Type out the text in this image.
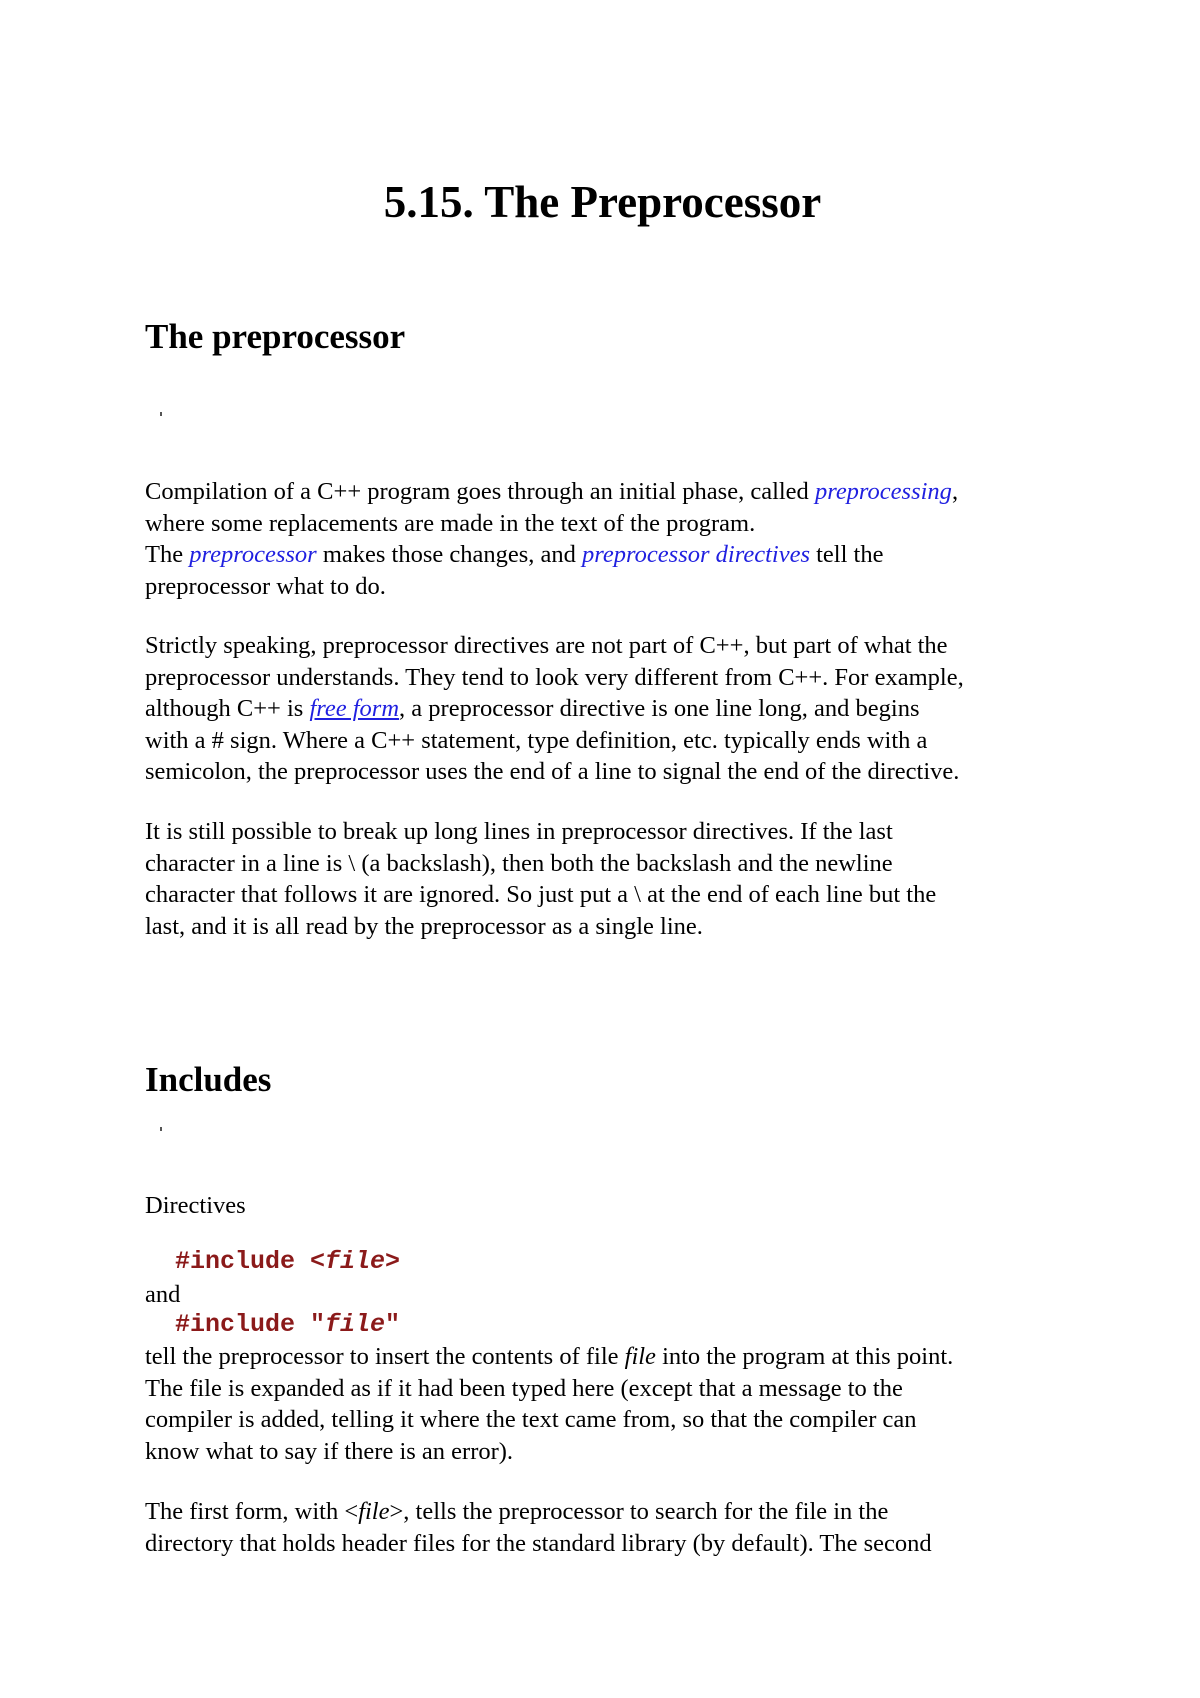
5.15. The Preprocessor
The preprocessor
Compilation of a C++ program goes through an initial phase, called preprocessing,
where some replacements are made in the text of the program.
The preprocessor makes those changes, and preprocessor directives tell the
preprocessor what to do.
Strictly speaking, preprocessor directives are not part of C++, but part of what the
preprocessor understands. They tend to look very different from C++. For example,
although C++ is free form, a preprocessor directive is one line long, and begins
with a # sign. Where a C++ statement, type definition, etc. typically ends with a
semicolon, the preprocessor uses the end of a line to signal the end of the directive.
It is still possible to break up long lines in preprocessor directives. If the last
character in a line is \ (a backslash), then both the backslash and the newline
character that follows it are ignored. So just put a \ at the end of each line but the
last, and it is all read by the preprocessor as a single line.
Includes
Directives
#include <file>
and
#include "file"
tell the preprocessor to insert the contents of file file into the program at this point.
The file is expanded as if it had been typed here (except that a message to the
compiler is added, telling it where the text came from, so that the compiler can
know what to say if there is an error).
The first form, with <file>, tells the preprocessor to search for the file in the
directory that holds header files for the standard library (by default). The second
